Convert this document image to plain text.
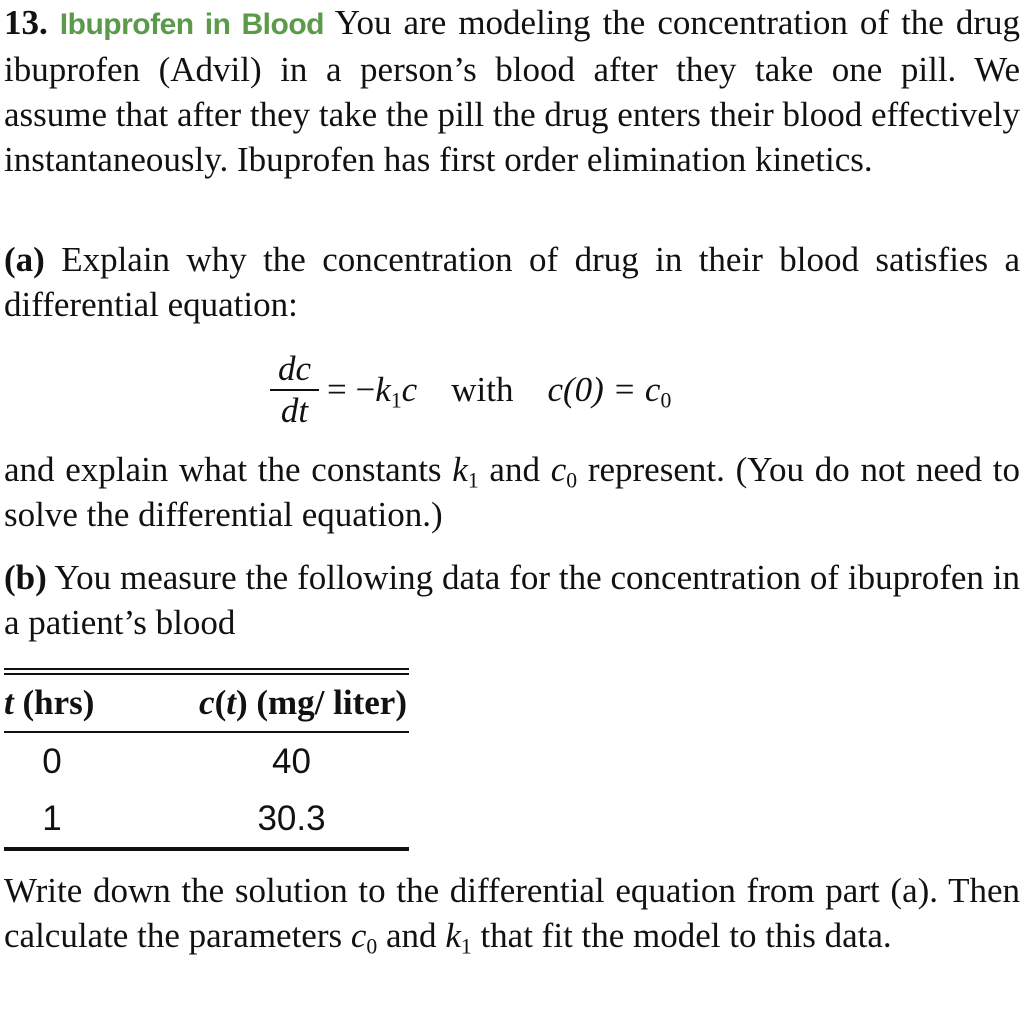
13. Ibuprofen in Blood You are modeling the concentration of the drug ibuprofen (Advil) in a person’s blood after they take one pill. We assume that after they take the pill the drug enters their blood effectively instantaneously. Ibuprofen has first order elimination kinetics.

(a) Explain why the concentration of drug in their blood satisfies a differential equation:

$\frac{dc}{dt} = -k_1c$ with $c(0) = c_0$

and explain what the constants $k_1$ and $c_0$ represent. (You do not need to solve the differential equation.)

(b) You measure the following data for the concentration of ibuprofen in a patient’s blood

t (hrs)	c(t) (mg/ liter)
0	40
1	30.3

Write down the solution to the differential equation from part (a). Then calculate the parameters $c_0$ and $k_1$ that fit the model to this data.
